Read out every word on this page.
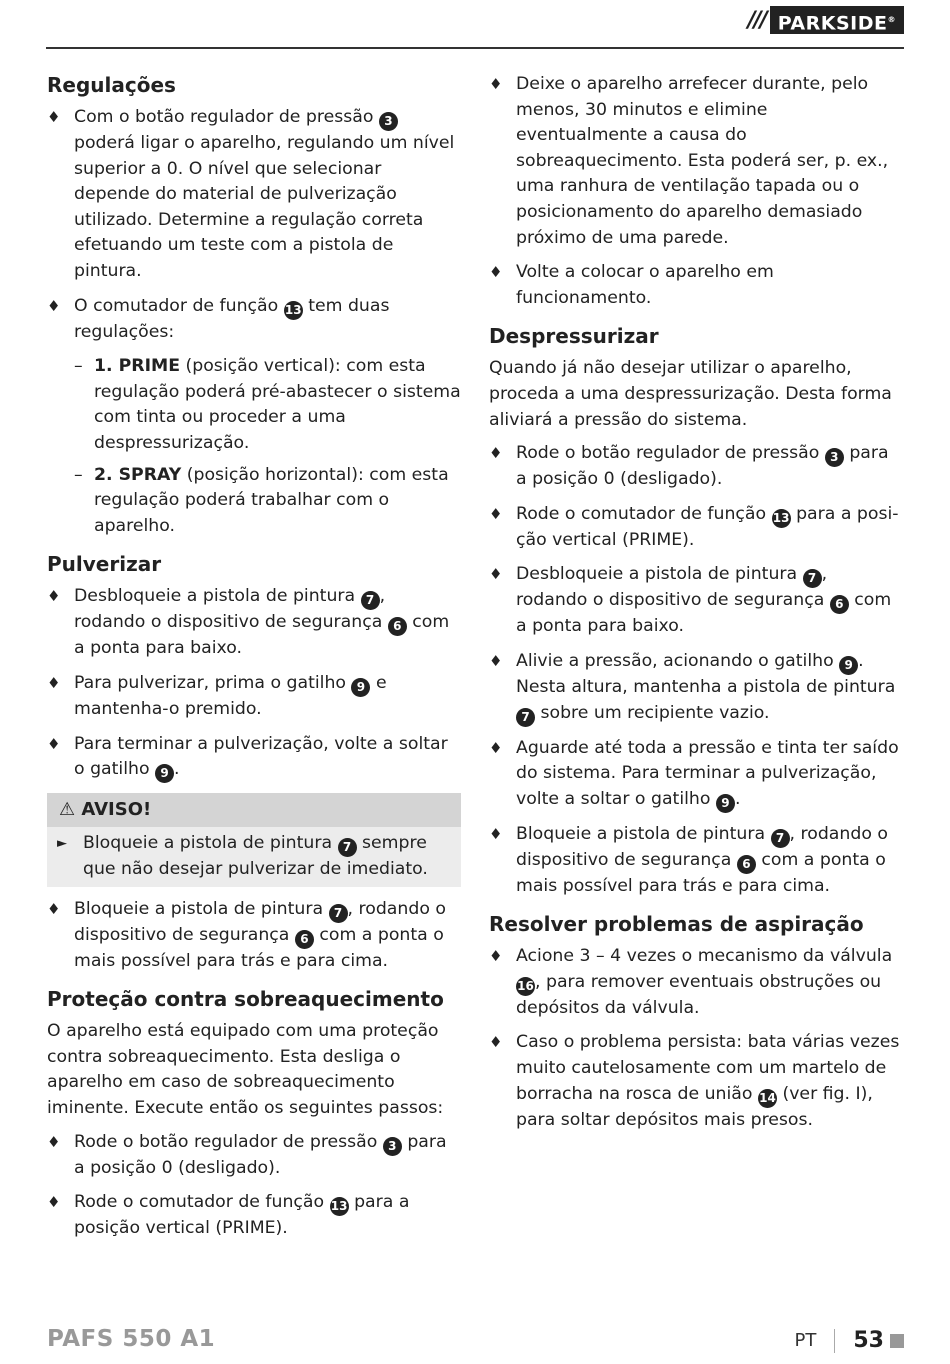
/// PARKSIDE®
Regulações
♦ Com o botão regulador de pressão 3 poderá ligar o aparelho, regulando um nível superior a 0. O nível que selecionar depende do material de pulverização utilizado. Determine a regulação correta efetuando um teste com a pistola de pintura.
♦ O comutador de função 13 tem duas regulações:
– 1. PRIME (posição vertical): com esta regulação poderá pré-abastecer o sistema com tinta ou proceder a uma despressurização.
– 2. SPRAY (posição horizontal): com esta regulação poderá trabalhar com o aparelho.
Pulverizar
♦ Desbloqueie a pistola de pintura 7 , rodando o dispositivo de segurança 6 com a ponta para baixo.
♦ Para pulverizar, prima o gatilho 9 e mantenha-o premido.
♦ Para terminar a pulverização, volte a soltar o gatilho 9 .
⚠ AVISO!
► Bloqueie a pistola de pintura 7 sempre que não desejar pulverizar de imediato.
♦ Bloqueie a pistola de pintura 7 , rodando o dispositivo de segurança 6 com a ponta o mais possível para trás e para cima.
Proteção contra sobreaquecimento

O aparelho está equipado com uma proteção contra sobreaquecimento. Esta desliga o aparelho em caso de sobreaquecimento iminente. Execute então os seguintes passos:

♦ Rode o botão regulador de pressão 3 para a posição 0 (desligado).
♦ Rode o comutador de função 13 para a posição vertical (PRIME).
♦ Deixe o aparelho arrefecer durante, pelo menos, 30 minutos e elimine eventualmente a causa do sobreaquecimento. Esta poderá ser, p. ex., uma ranhura de ventilação tapada ou o posicionamento do aparelho demasiado próximo de uma parede.
♦ Volte a colocar o aparelho em funcionamento.
Despressurizar

Quando já não desejar utilizar o aparelho, proceda a uma despressurização. Desta forma aliviará a pressão do sistema.

♦ Rode o botão regulador de pressão 3 para a posição 0 (desligado).
♦ Rode o comutador de função 13 para a posição vertical (PRIME).
♦ Desbloqueie a pistola de pintura 7 , rodando o dispositivo de segurança 6 com a ponta para baixo.
♦ Alivie a pressão, acionando o gatilho 9 . Nesta altura, mantenha a pistola de pintura 7 sobre um recipiente vazio.
♦ Aguarde até toda a pressão e tinta ter saído do sistema. Para terminar a pulverização, volte a soltar o gatilho 9 .
♦ Bloqueie a pistola de pintura 7 , rodando o dispositivo de segurança 6 com a ponta o mais possível para trás e para cima.
Resolver problemas de aspiração
♦ Acione 3 – 4 vezes o mecanismo da válvula 16, para remover eventuais obstruções ou depósitos da válvula.
♦ Caso o problema persista: bata várias vezes muito cautelosamente com um martelo de borracha na rosca de união 14 (ver fig. I), para soltar depósitos mais presos.
PAFS 550 A1	PT 53
